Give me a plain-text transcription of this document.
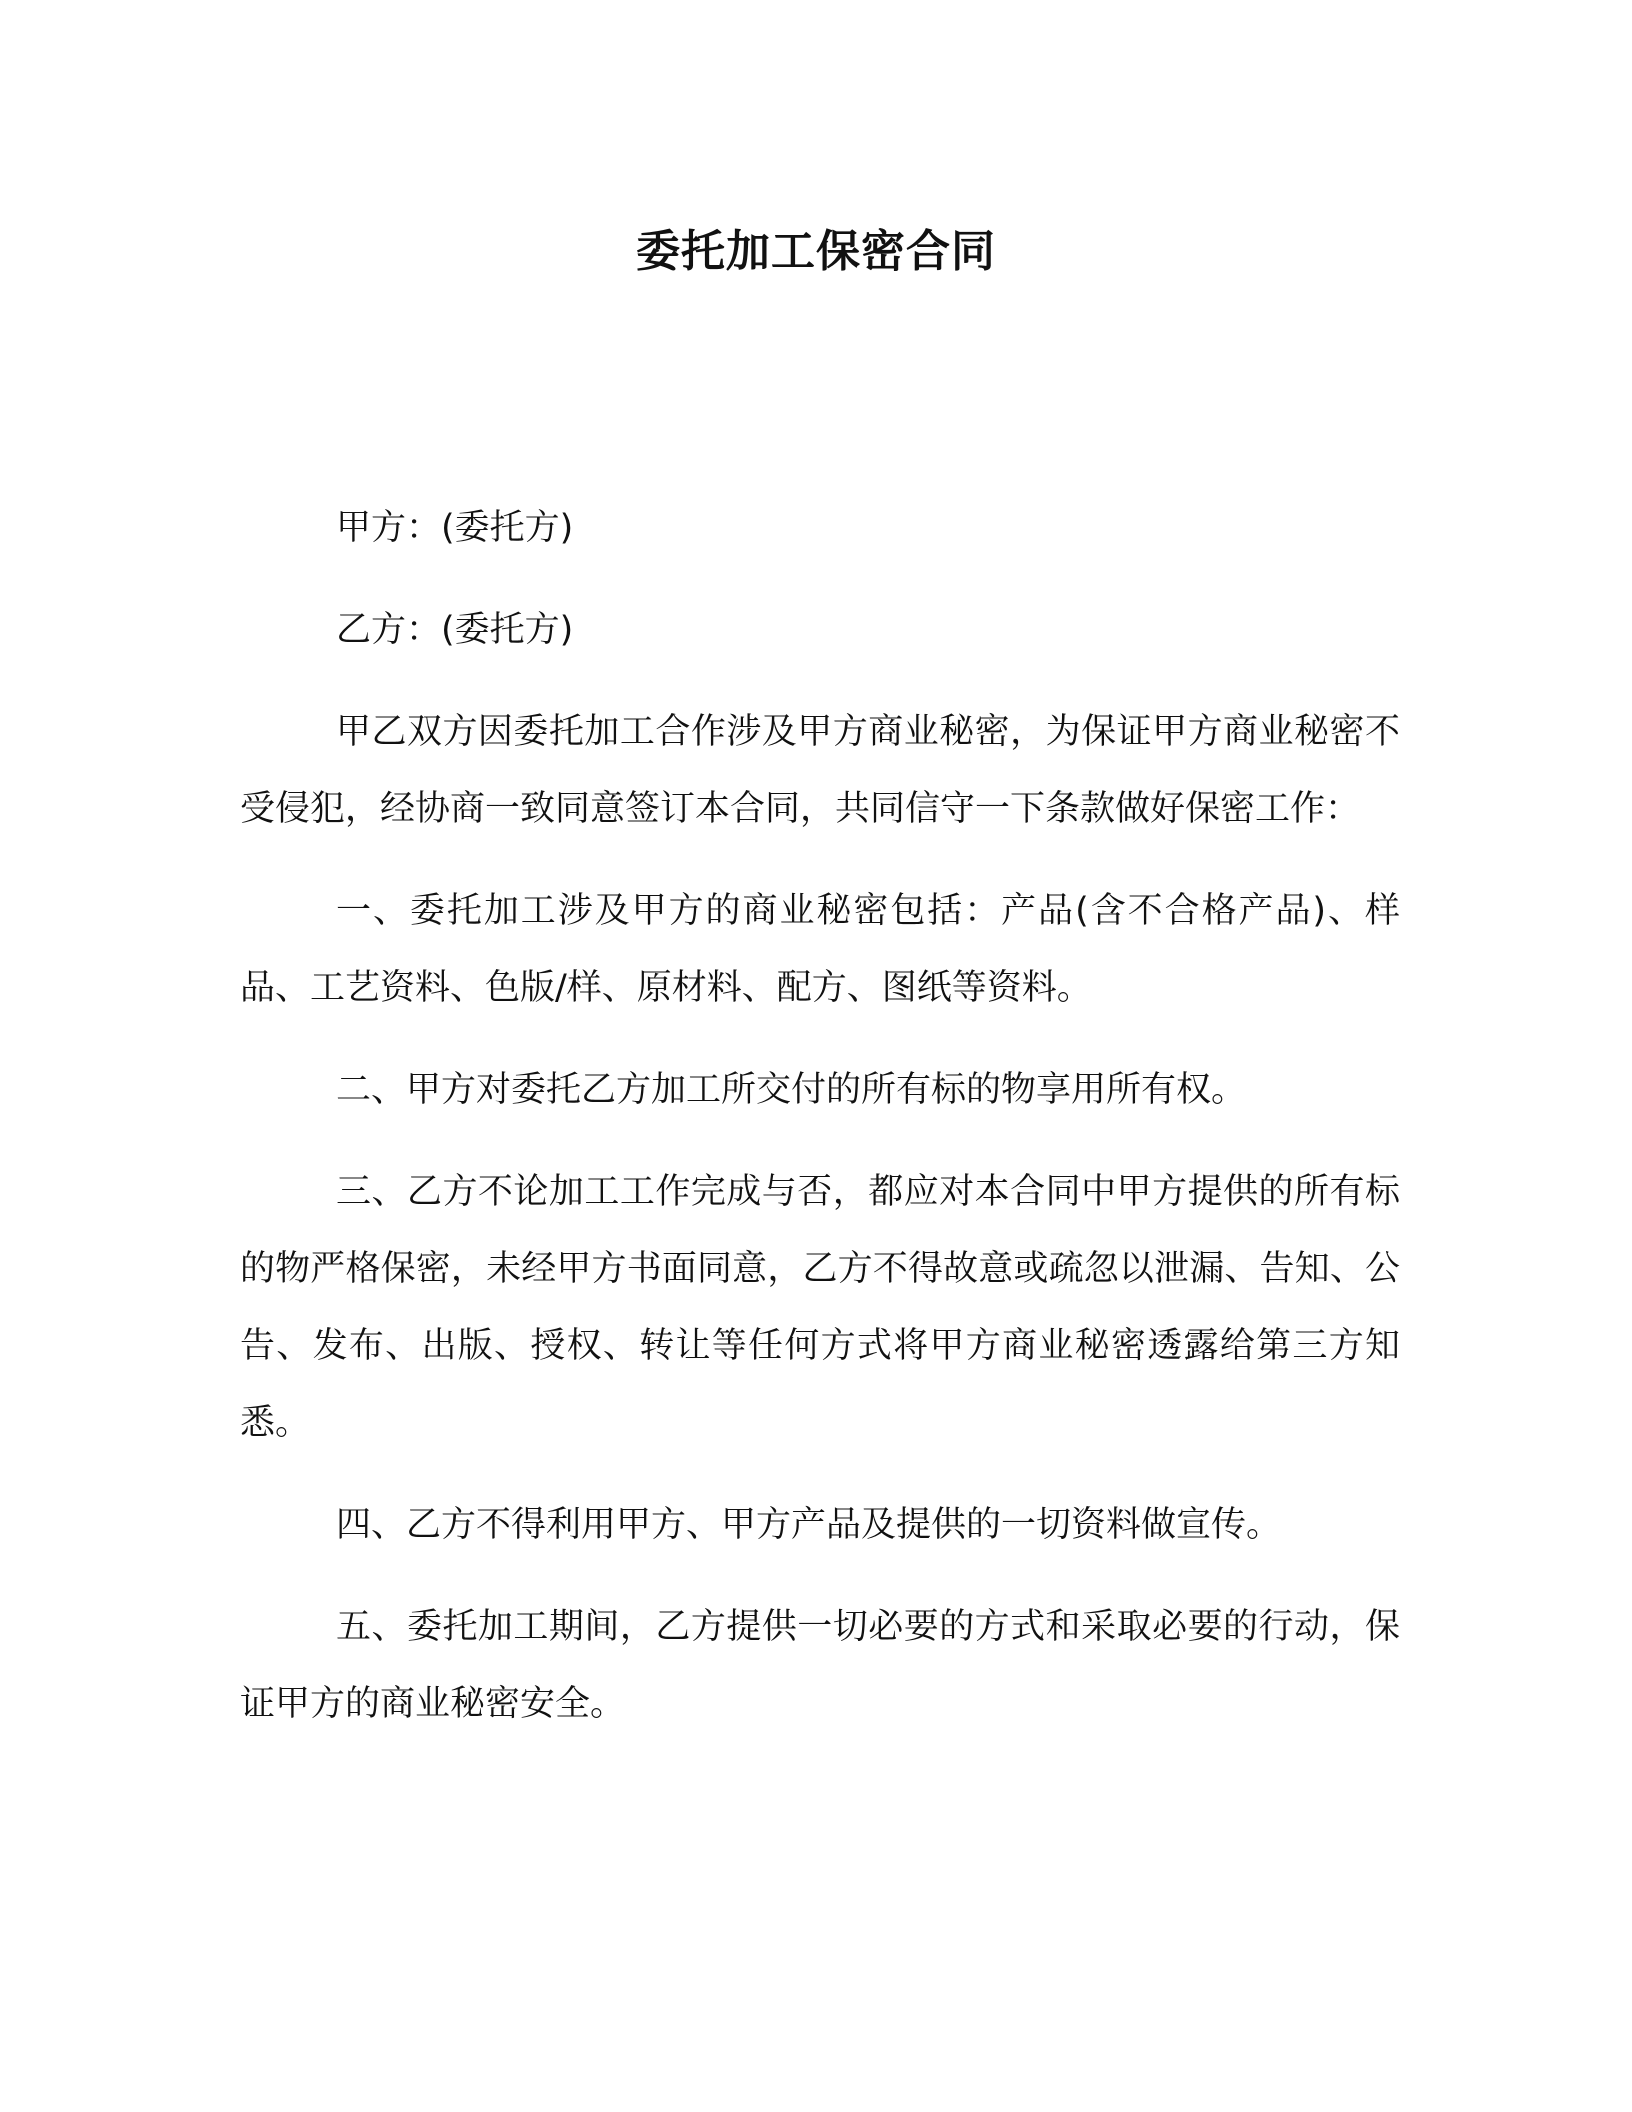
委托加工保密合同

甲方：(委托方)

乙方：(委托方)

甲乙双方因委托加工合作涉及甲方商业秘密，为保证甲方商业秘密不受侵犯，经协商一致同意签订本合同，共同信守一下条款做好保密工作：

一、委托加工涉及甲方的商业秘密包括：产品(含不合格产品)、样品、工艺资料、色版/样、原材料、配方、图纸等资料。

二、甲方对委托乙方加工所交付的所有标的物享用所有权。

三、乙方不论加工工作完成与否，都应对本合同中甲方提供的所有标的物严格保密，未经甲方书面同意，乙方不得故意或疏忽以泄漏、告知、公告、发布、出版、授权、转让等任何方式将甲方商业秘密透露给第三方知悉。

四、乙方不得利用甲方、甲方产品及提供的一切资料做宣传。

五、委托加工期间，乙方提供一切必要的方式和采取必要的行动，保证甲方的商业秘密安全。
